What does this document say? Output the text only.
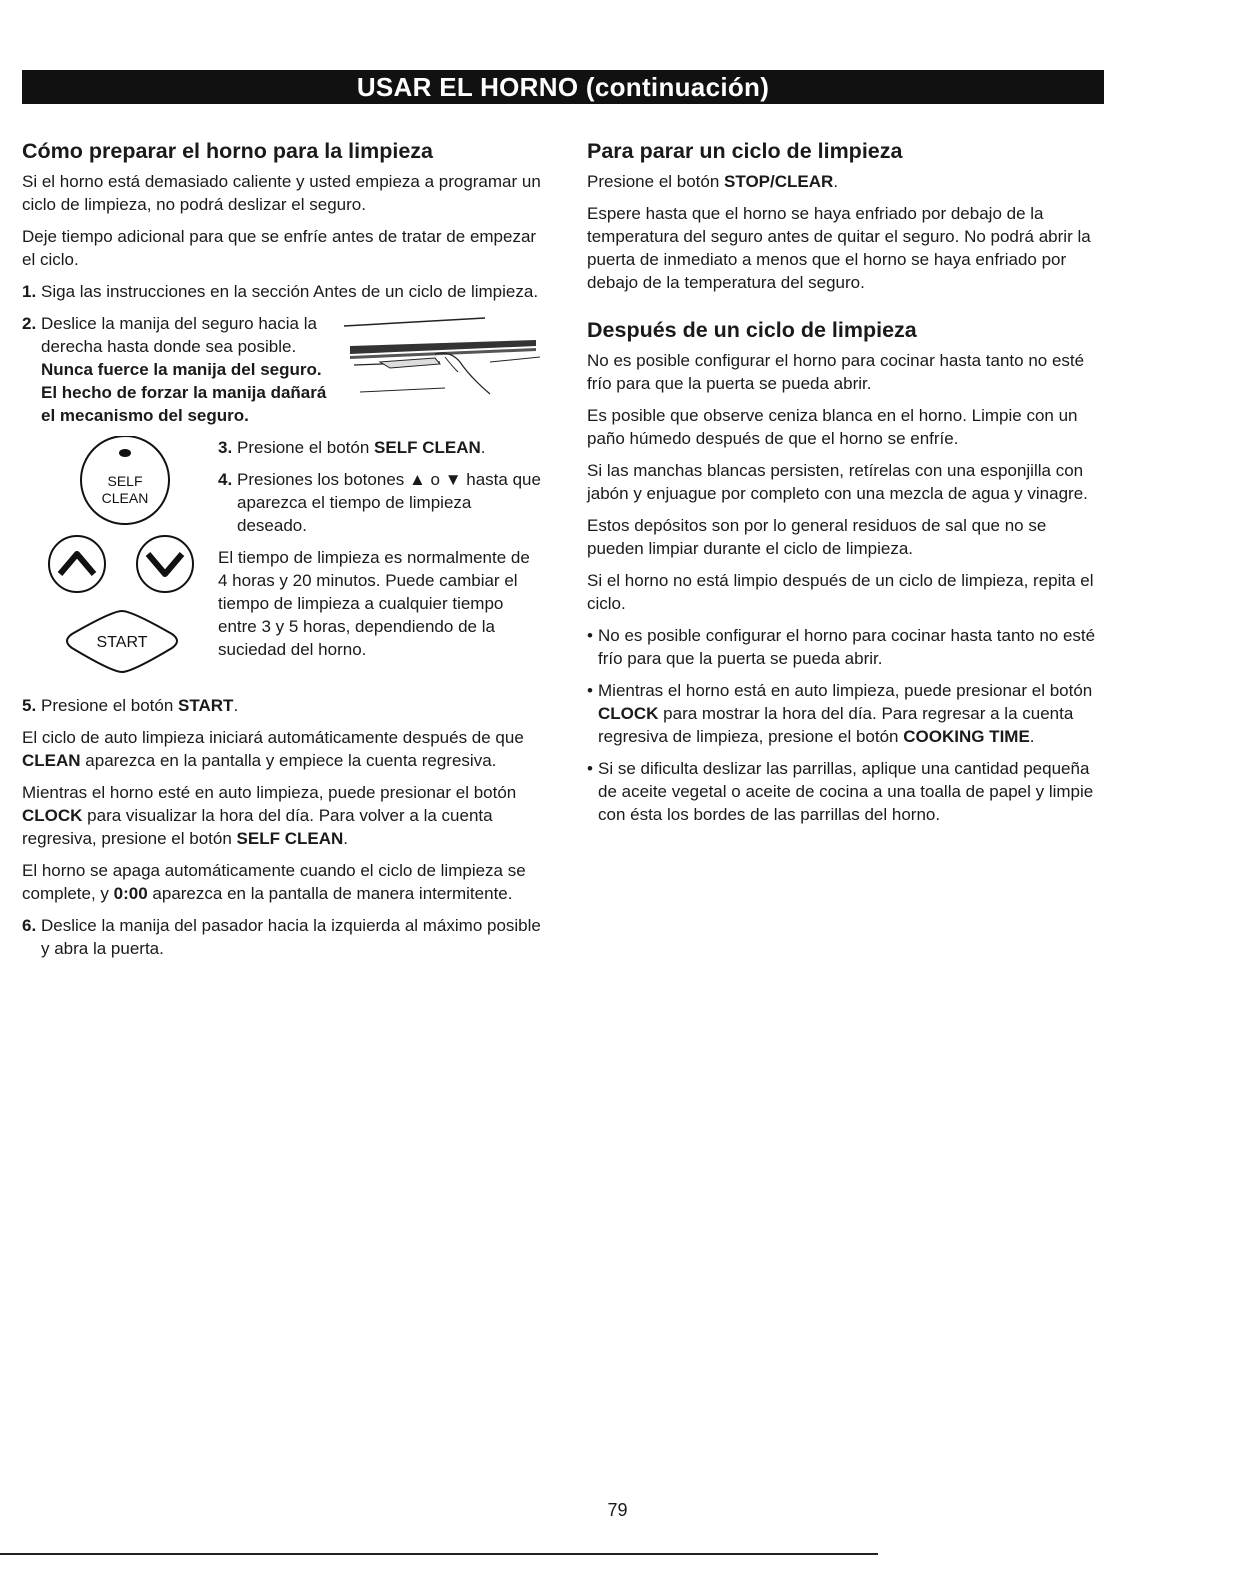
USAR EL HORNO (continuación)
Cómo preparar el horno para la limpieza

Si el horno está demasiado caliente y usted empieza a programar un ciclo de limpieza, no podrá deslizar el seguro.

Deje tiempo adicional para que se enfríe antes de tratar de empezar el ciclo.

1. Siga las instrucciones en la sección Antes de un ciclo de limpieza.
2. Deslice la manija del seguro hacia la derecha hasta donde sea posible.
Nunca fuerce la manija del seguro. El hecho de forzar la manija dañará el mecanismo del seguro.
SELF
CLEAN
START
3. Presione el botón SELF CLEAN.
4. Presiones los botones ▲ o ▼ hasta que aparezca el tiempo de limpieza deseado.

El tiempo de limpieza es normalmente de 4 horas y 20 minutos. Puede cambiar el tiempo de limpieza a cualquier tiempo entre 3 y 5 horas, dependiendo de la suciedad del horno.

5. Presione el botón START.

El ciclo de auto limpieza iniciará automáticamente después de que CLEAN aparezca en la pantalla y empiece la cuenta regresiva.

Mientras el horno esté en auto limpieza, puede presionar el botón CLOCK para visualizar la hora del día. Para volver a la cuenta regresiva, presione el botón SELF CLEAN.

El horno se apaga automáticamente cuando el ciclo de limpieza se complete, y 0:00 aparezca en la pantalla de manera intermitente.

6. Deslice la manija del pasador hacia la izquierda al máximo posible y abra la puerta.
Para parar un ciclo de limpieza

Presione el botón STOP/CLEAR.

Espere hasta que el horno se haya enfriado por debajo de la temperatura del seguro antes de quitar el seguro. No podrá abrir la puerta de inmediato a menos que el horno se haya enfriado por debajo de la temperatura del seguro.

Después de un ciclo de limpieza

No es posible configurar el horno para cocinar hasta tanto no esté frío para que la puerta se pueda abrir.

Es posible que observe ceniza blanca en el horno. Limpie con un paño húmedo después de que el horno se enfríe.

Si las manchas blancas persisten, retírelas con una esponjilla con jabón y enjuague por completo con una mezcla de agua y vinagre.

Estos depósitos son por lo general residuos de sal que no se pueden limpiar durante el ciclo de limpieza.

Si el horno no está limpio después de un ciclo de limpieza, repita el ciclo.

• No es posible configurar el horno para cocinar hasta tanto no esté frío para que la puerta se pueda abrir.
• Mientras el horno está en auto limpieza, puede presionar el botón CLOCK para mostrar la hora del día. Para regresar a la cuenta regresiva de limpieza, presione el botón COOKING TIME.
• Si se dificulta deslizar las parrillas, aplique una cantidad pequeña de aceite vegetal o aceite de cocina a una toalla de papel y limpie con ésta los bordes de las parrillas del horno.
79
